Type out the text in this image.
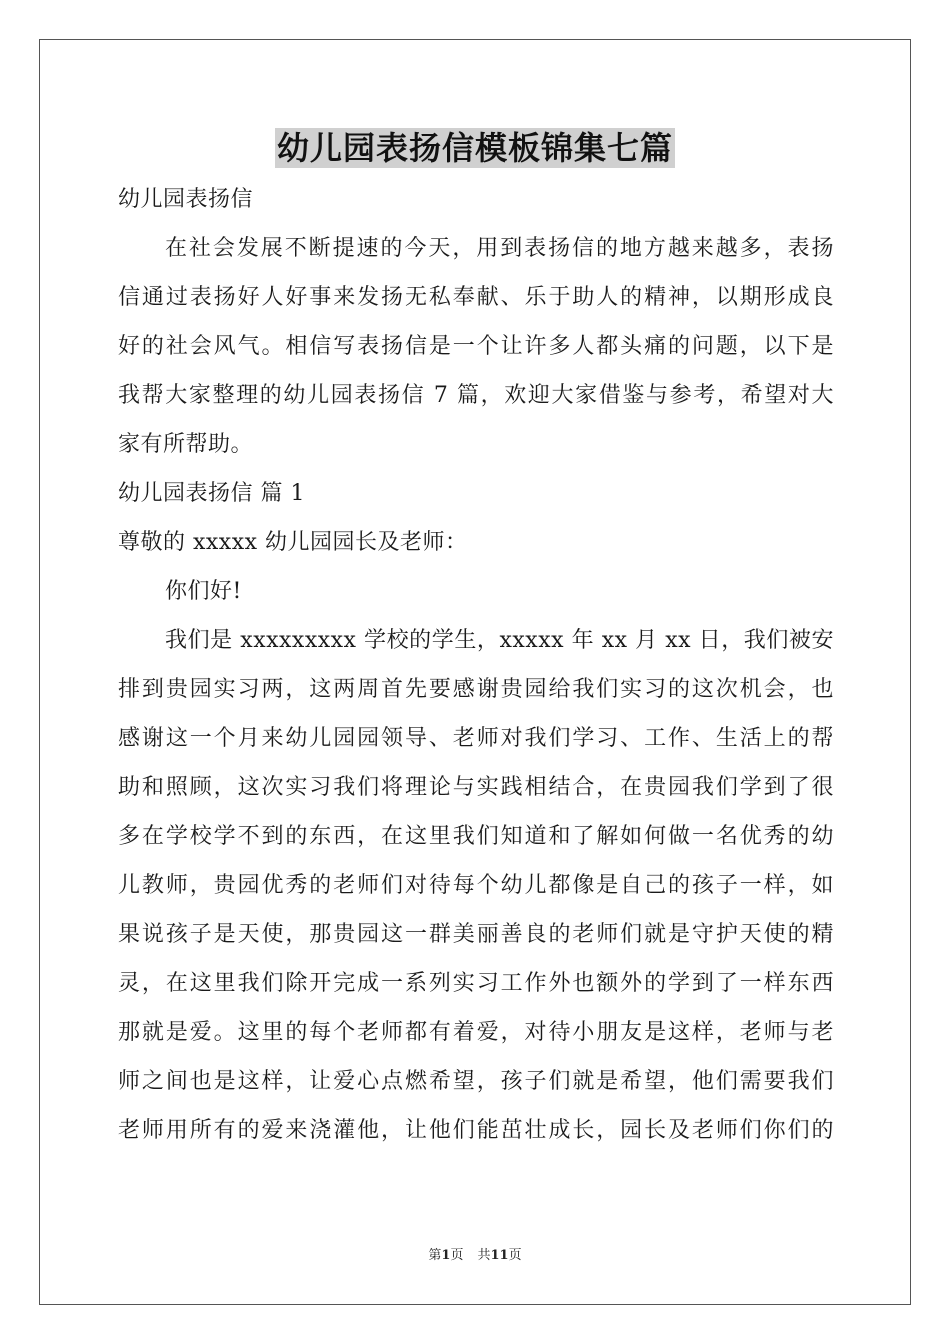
幼儿园表扬信模板锦集七篇
幼儿园表扬信
在社会发展不断提速的今天，用到表扬信的地方越来越多，表扬
信通过表扬好人好事来发扬无私奉献、乐于助人的精神，以期形成良
好的社会风气。相信写表扬信是一个让许多人都头痛的问题，以下是
我帮大家整理的幼儿园表扬信 7 篇，欢迎大家借鉴与参考，希望对大
家有所帮助。
幼儿园表扬信 篇 1
尊敬的 xxxxx 幼儿园园长及老师：
你们好!
我们是 xxxxxxxxx 学校的学生，xxxxx 年 xx 月 xx 日，我们被安
排到贵园实习两，这两周首先要感谢贵园给我们实习的这次机会，也
感谢这一个月来幼儿园园领导、老师对我们学习、工作、生活上的帮
助和照顾，这次实习我们将理论与实践相结合，在贵园我们学到了很
多在学校学不到的东西，在这里我们知道和了解如何做一名优秀的幼
儿教师，贵园优秀的老师们对待每个幼儿都像是自己的孩子一样，如
果说孩子是天使，那贵园这一群美丽善良的老师们就是守护天使的精
灵，在这里我们除开完成一系列实习工作外也额外的学到了一样东西
那就是爱。这里的每个老师都有着爱，对待小朋友是这样，老师与老
师之间也是这样，让爱心点燃希望，孩子们就是希望，他们需要我们
老师用所有的爱来浇灌他，让他们能茁壮成长，园长及老师们你们的
第1页 共11页
